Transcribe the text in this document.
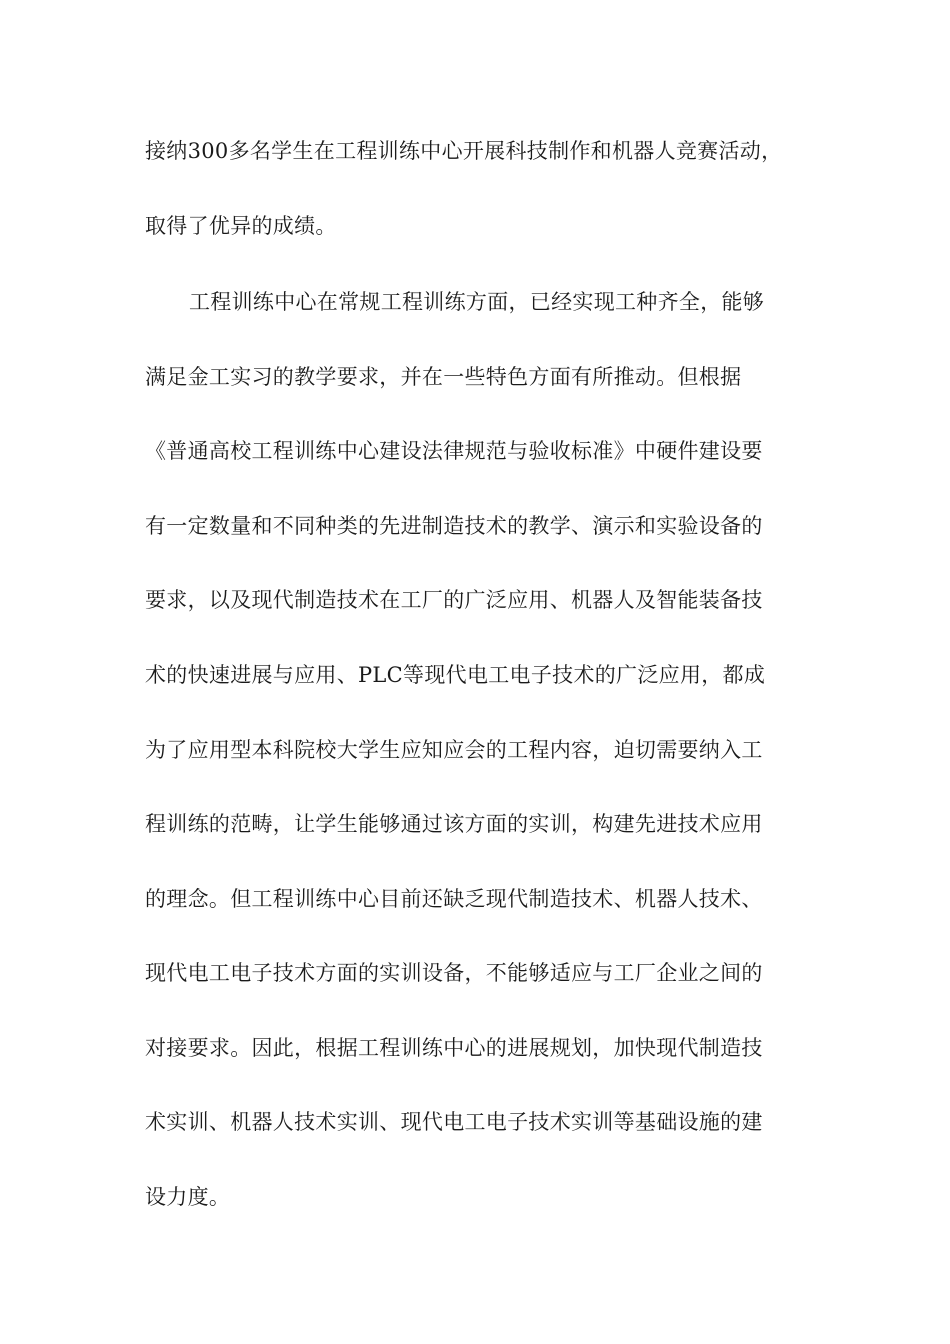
接纳300多名学生在工程训练中心开展科技制作和机器人竞赛活动，
取得了优异的成绩。
工程训练中心在常规工程训练方面，已经实现工种齐全，能够
满足金工实习的教学要求，并在一些特色方面有所推动。但根据
《普通高校工程训练中心建设法律规范与验收标准》中硬件建设要
有一定数量和不同种类的先进制造技术的教学、演示和实验设备的
要求，以及现代制造技术在工厂的广泛应用、机器人及智能装备技
术的快速进展与应用、PLC等现代电工电子技术的广泛应用，都成
为了应用型本科院校大学生应知应会的工程内容，迫切需要纳入工
程训练的范畴，让学生能够通过该方面的实训，构建先进技术应用
的理念。但工程训练中心目前还缺乏现代制造技术、机器人技术、
现代电工电子技术方面的实训设备，不能够适应与工厂企业之间的
对接要求。因此，根据工程训练中心的进展规划，加快现代制造技
术实训、机器人技术实训、现代电工电子技术实训等基础设施的建
设力度。
